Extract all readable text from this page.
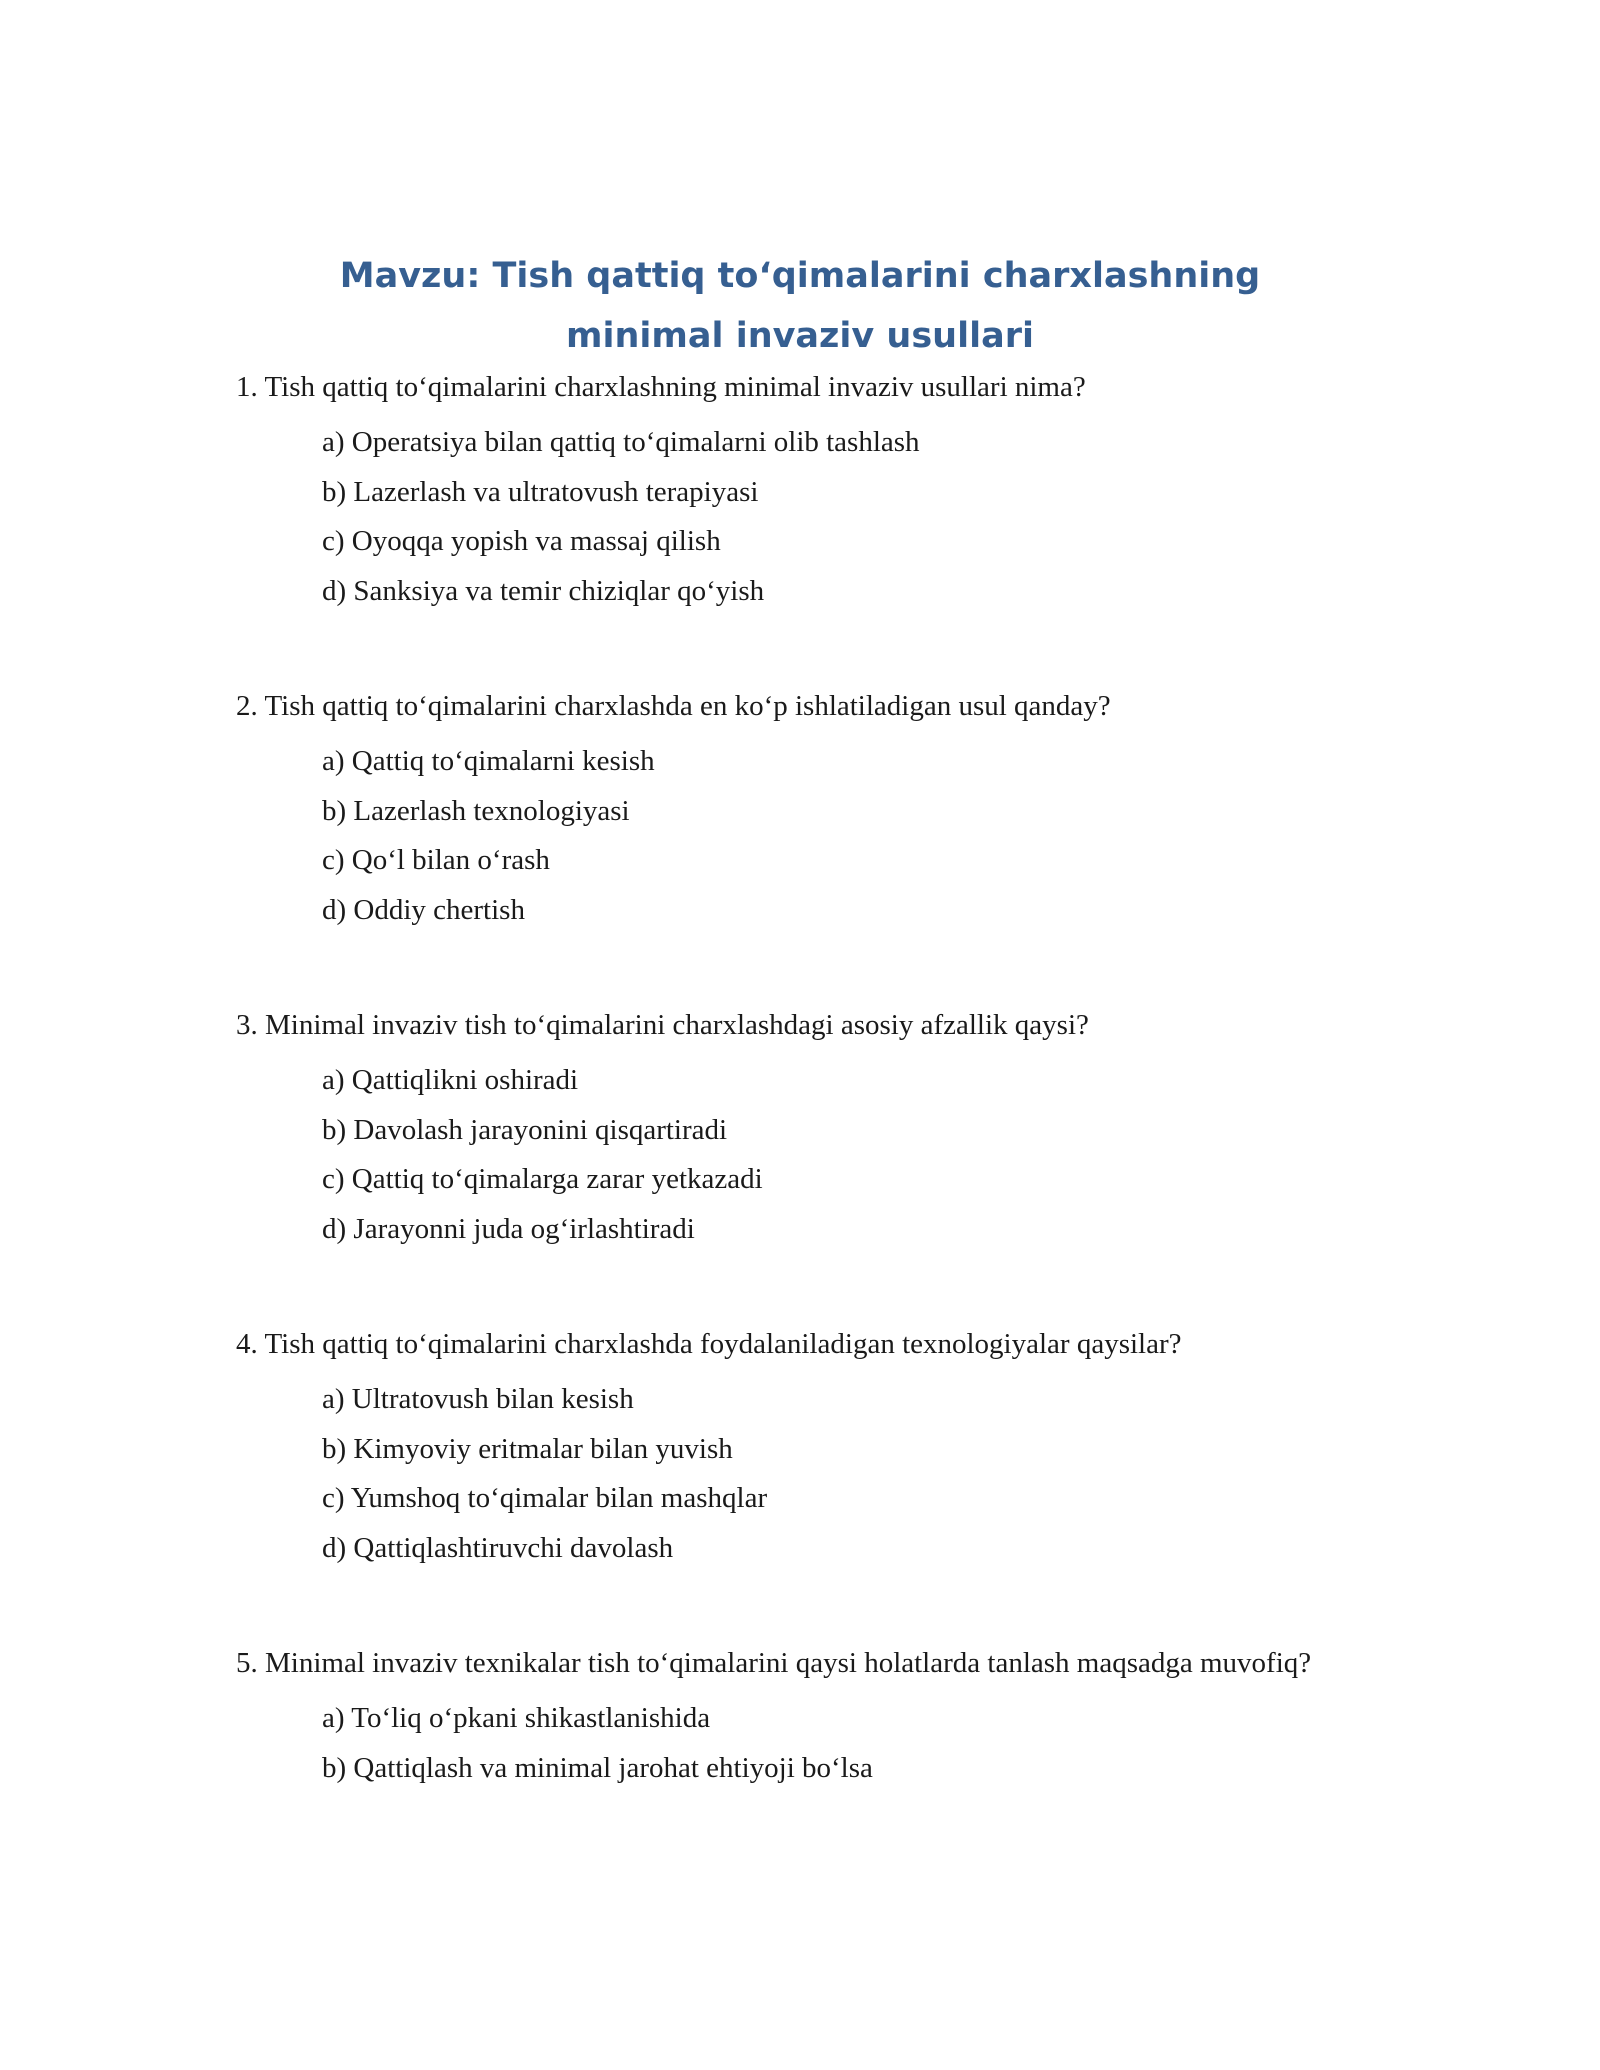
Mavzu: Tish qattiq to‘qimalarini charxlashning
minimal invaziv usullari
1. Tish qattiq to‘qimalarini charxlashning minimal invaziv usullari nima?
a) Operatsiya bilan qattiq to‘qimalarni olib tashlash
b) Lazerlash va ultratovush terapiyasi
c) Oyoqqa yopish va massaj qilish
d) Sanksiya va temir chiziqlar qo‘yish
2. Tish qattiq to‘qimalarini charxlashda en ko‘p ishlatiladigan usul qanday?
a) Qattiq to‘qimalarni kesish
b) Lazerlash texnologiyasi
c) Qo‘l bilan o‘rash
d) Oddiy chertish
3. Minimal invaziv tish to‘qimalarini charxlashdagi asosiy afzallik qaysi?
a) Qattiqlikni oshiradi
b) Davolash jarayonini qisqartiradi
c) Qattiq to‘qimalarga zarar yetkazadi
d) Jarayonni juda og‘irlashtiradi
4. Tish qattiq to‘qimalarini charxlashda foydalaniladigan texnologiyalar qaysilar?
a) Ultratovush bilan kesish
b) Kimyoviy eritmalar bilan yuvish
c) Yumshoq to‘qimalar bilan mashqlar
d) Qattiqlashtiruvchi davolash
5. Minimal invaziv texnikalar tish to‘qimalarini qaysi holatlarda tanlash maqsadga muvofiq?
a) To‘liq o‘pkani shikastlanishida
b) Qattiqlash va minimal jarohat ehtiyoji bo‘lsa
